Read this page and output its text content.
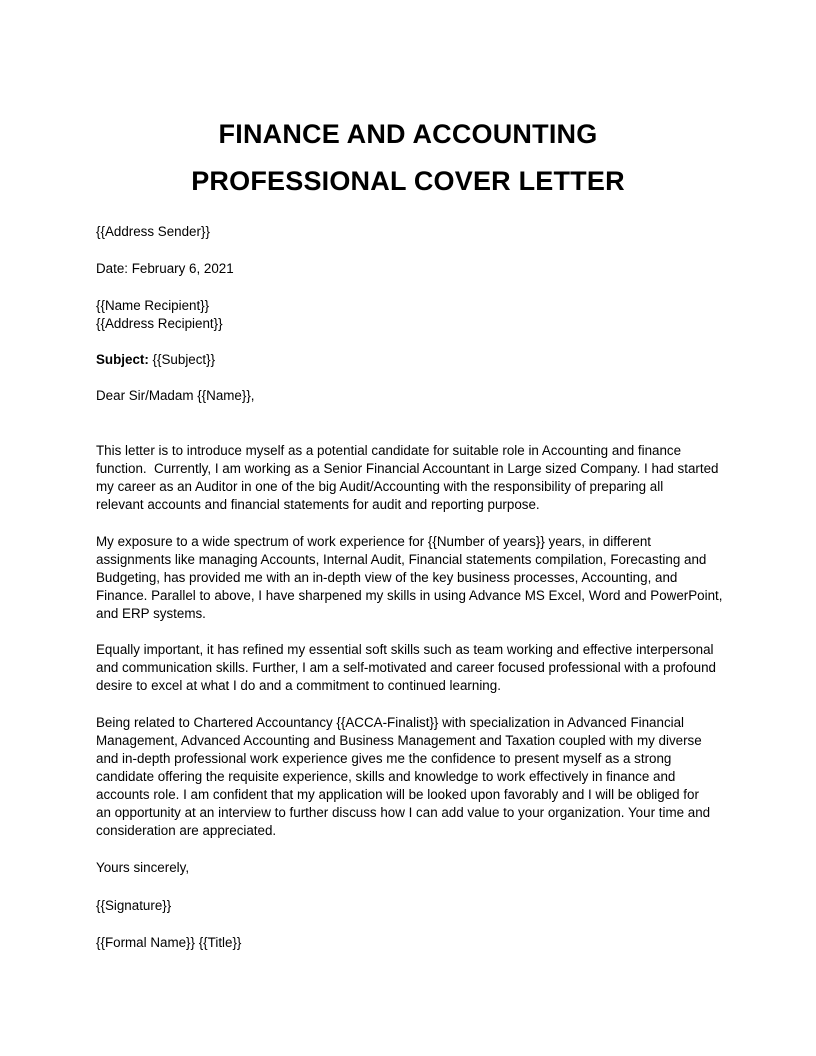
FINANCE AND ACCOUNTING
PROFESSIONAL COVER LETTER
{{Address Sender}}
Date: February 6, 2021
{{Name Recipient}}
{{Address Recipient}}
Subject: {{Subject}}
Dear Sir/Madam {{Name}},
This letter is to introduce myself as a potential candidate for suitable role in Accounting and finance
function.  Currently, I am working as a Senior Financial Accountant in Large sized Company. I had started
my career as an Auditor in one of the big Audit/Accounting with the responsibility of preparing all
relevant accounts and financial statements for audit and reporting purpose.
My exposure to a wide spectrum of work experience for {{Number of years}} years, in different
assignments like managing Accounts, Internal Audit, Financial statements compilation, Forecasting and
Budgeting, has provided me with an in-depth view of the key business processes, Accounting, and
Finance. Parallel to above, I have sharpened my skills in using Advance MS Excel, Word and PowerPoint,
and ERP systems.
Equally important, it has refined my essential soft skills such as team working and effective interpersonal
and communication skills. Further, I am a self-motivated and career focused professional with a profound
desire to excel at what I do and a commitment to continued learning.
Being related to Chartered Accountancy {{ACCA-Finalist}} with specialization in Advanced Financial
Management, Advanced Accounting and Business Management and Taxation coupled with my diverse
and in-depth professional work experience gives me the confidence to present myself as a strong
candidate offering the requisite experience, skills and knowledge to work effectively in finance and
accounts role. I am confident that my application will be looked upon favorably and I will be obliged for
an opportunity at an interview to further discuss how I can add value to your organization. Your time and
consideration are appreciated.
Yours sincerely,
{{Signature}}
{{Formal Name}} {{Title}}
